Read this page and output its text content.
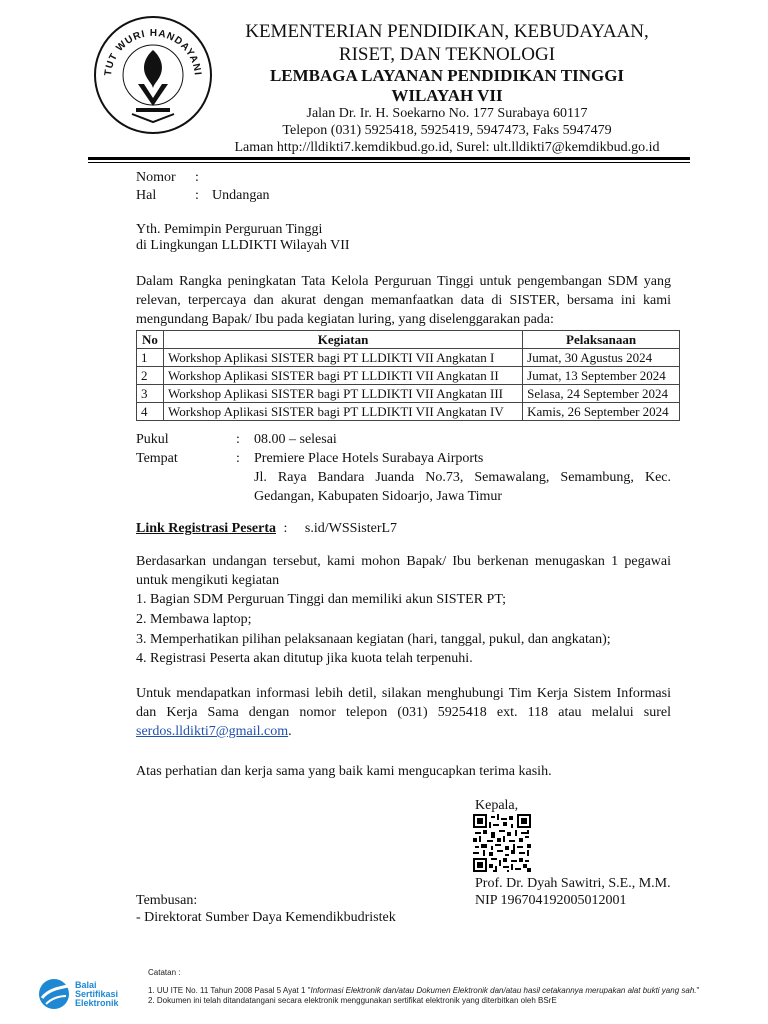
TUT WURI HANDAYANI
KEMENTERIAN PENDIDIKAN, KEBUDAYAAN,
RISET, DAN TEKNOLOGI
LEMBAGA LAYANAN PENDIDIKAN TINGGI
WILAYAH VII
Jalan Dr. Ir. H. Soekarno No. 177 Surabaya 60117
Telepon (031) 5925418, 5925419, 5947473, Faks 5947479
Laman http://lldikti7.kemdikbud.go.id, Surel: ult.lldikti7@kemdikbud.go.id
Nomor :
Hal	: Undangan
Yth. Pemimpin Perguruan Tinggi
di Lingkungan LLDIKTI Wilayah VII
Dalam Rangka peningkatan Tata Kelola Perguruan Tinggi untuk pengembangan SDM yang relevan, terpercaya dan akurat dengan memanfaatkan data di SISTER, bersama ini kami mengundang Bapak/ Ibu pada kegiatan luring, yang diselenggarakan pada:
No	Kegiatan	Pelaksanaan
1	Workshop Aplikasi SISTER bagi PT LLDIKTI VII Angkatan I	Jumat, 30 Agustus 2024
2	Workshop Aplikasi SISTER bagi PT LLDIKTI VII Angkatan II	Jumat, 13 September 2024
3	Workshop Aplikasi SISTER bagi PT LLDIKTI VII Angkatan III	Selasa, 24 September 2024
4	Workshop Aplikasi SISTER bagi PT LLDIKTI VII Angkatan IV	Kamis, 26 September 2024
Pukul	: 08.00 – selesai
Tempat	: Premiere Place Hotels Surabaya Airports
Jl. Raya Bandara Juanda No.73, Semawalang, Semambung, Kec.
Gedangan, Kabupaten Sidoarjo, Jawa Timur
Link Registrasi Peserta : s.id/WSSisterL7
Berdasarkan undangan tersebut, kami mohon Bapak/ Ibu berkenan menugaskan 1 pegawai untuk mengikuti kegiatan
1. Bagian SDM Perguruan Tinggi dan memiliki akun SISTER PT;
2. Membawa laptop;
3. Memperhatikan pilihan pelaksanaan kegiatan (hari, tanggal, pukul, dan angkatan);
4. Registrasi Peserta akan ditutup jika kuota telah terpenuhi.
Untuk mendapatkan informasi lebih detil, silakan menghubungi Tim Kerja Sistem Informasi dan Kerja Sama dengan nomor telepon (031) 5925418 ext. 118 atau melalui surel serdos.lldikti7@gmail.com.
Atas perhatian dan kerja sama yang baik kami mengucapkan terima kasih.
Kepala,
Prof. Dr. Dyah Sawitri, S.E., M.M.
NIP 196704192005012001
Tembusan:
- Direktorat Sumber Daya Kemendikbudristek
Balai
Sertifikasi
Elektronik
Catatan :
1. UU ITE No. 11 Tahun 2008 Pasal 5 Ayat 1 "Informasi Elektronik dan/atau Dokumen Elektronik dan/atau hasil cetakannya merupakan alat bukti yang sah."
2. Dokumen ini telah ditandatangani secara elektronik menggunakan sertifikat elektronik yang diterbitkan oleh BSrE
